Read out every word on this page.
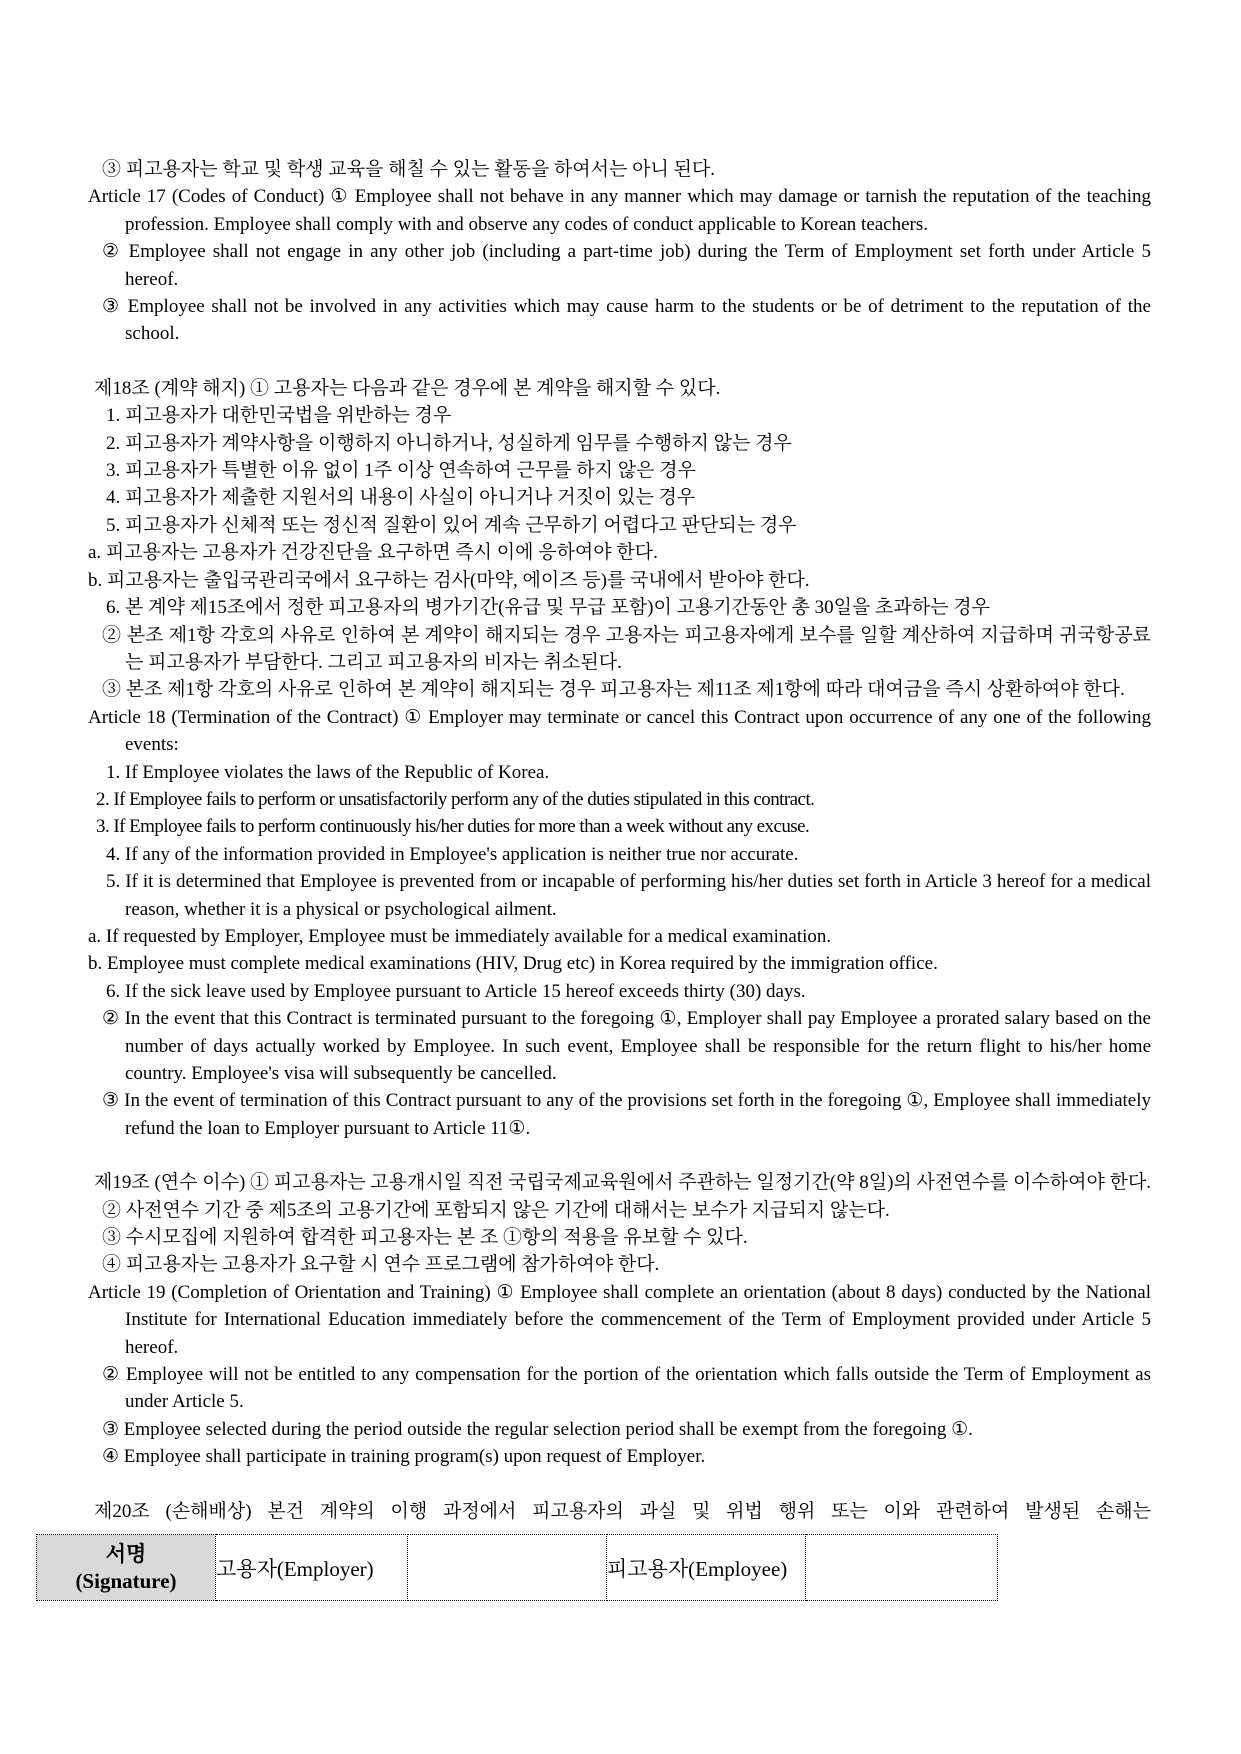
③ 피고용자는 학교 및 학생 교육을 해칠 수 있는 활동을 하여서는 아니 된다.

Article 17 (Codes of Conduct) ① Employee shall not behave in any manner which may damage or tarnish the reputation of the teaching profession. Employee shall comply with and observe any codes of conduct applicable to Korean teachers.

② Employee shall not engage in any other job (including a part-time job) during the Term of Employment set forth under Article 5 hereof.

③ Employee shall not be involved in any activities which may cause harm to the students or be of detriment to the reputation of the school.

제18조 (계약 해지) ① 고용자는 다음과 같은 경우에 본 계약을 해지할 수 있다.

1. 피고용자가 대한민국법을 위반하는 경우

2. 피고용자가 계약사항을 이행하지 아니하거나, 성실하게 임무를 수행하지 않는 경우

3. 피고용자가 특별한 이유 없이 1주 이상 연속하여 근무를 하지 않은 경우

4. 피고용자가 제출한 지원서의 내용이 사실이 아니거나 거짓이 있는 경우

5. 피고용자가 신체적 또는 정신적 질환이 있어 계속 근무하기 어렵다고 판단되는 경우

a. 피고용자는 고용자가 건강진단을 요구하면 즉시 이에 응하여야 한다.

b. 피고용자는 출입국관리국에서 요구하는 검사(마약, 에이즈 등)를 국내에서 받아야 한다.

6. 본 계약 제15조에서 정한 피고용자의 병가기간(유급 및 무급 포함)이 고용기간동안 총 30일을 초과하는 경우

② 본조 제1항 각호의 사유로 인하여 본 계약이 해지되는 경우 고용자는 피고용자에게 보수를 일할 계산하여 지급하며 귀국항공료는 피고용자가 부담한다. 그리고 피고용자의 비자는 취소된다.

③ 본조 제1항 각호의 사유로 인하여 본 계약이 해지되는 경우 피고용자는 제11조 제1항에 따라 대여금을 즉시 상환하여야 한다.

Article 18 (Termination of the Contract) ① Employer may terminate or cancel this Contract upon occurrence of any one of the following events:

1. If Employee violates the laws of the Republic of Korea.

2. If Employee fails to perform or unsatisfactorily perform any of the duties stipulated in this contract.

3. If Employee fails to perform continuously his/her duties for more than a week without any excuse.

4. If any of the information provided in Employee's application is neither true nor accurate.

5. If it is determined that Employee is prevented from or incapable of performing his/her duties set forth in Article 3 hereof for a medical reason, whether it is a physical or psychological ailment.

a. If requested by Employer, Employee must be immediately available for a medical examination.

b. Employee must complete medical examinations (HIV, Drug etc) in Korea required by the immigration office.

6. If the sick leave used by Employee pursuant to Article 15 hereof exceeds thirty (30) days.

② In the event that this Contract is terminated pursuant to the foregoing ①, Employer shall pay Employee a prorated salary based on the number of days actually worked by Employee. In such event, Employee shall be responsible for the return flight to his/her home country. Employee's visa will subsequently be cancelled.

③ In the event of termination of this Contract pursuant to any of the provisions set forth in the foregoing ①, Employee shall immediately refund the loan to Employer pursuant to Article 11①.

제19조 (연수 이수) ① 피고용자는 고용개시일 직전 국립국제교육원에서 주관하는 일정기간(약 8일)의 사전연수를 이수하여야 한다.

② 사전연수 기간 중 제5조의 고용기간에 포함되지 않은 기간에 대해서는 보수가 지급되지 않는다.

③ 수시모집에 지원하여 합격한 피고용자는 본 조 ①항의 적용을 유보할 수 있다.

④ 피고용자는 고용자가 요구할 시 연수 프로그램에 참가하여야 한다.

Article 19 (Completion of Orientation and Training) ① Employee shall complete an orientation (about 8 days) conducted by the National Institute for International Education immediately before the commencement of the Term of Employment provided under Article 5 hereof.

② Employee will not be entitled to any compensation for the portion of the orientation which falls outside the Term of Employment as under Article 5.

③ Employee selected during the period outside the regular selection period shall be exempt from the foregoing ①.

④ Employee shall participate in training program(s) upon request of Employer.

제20조 (손해배상) 본건 계약의 이행 과정에서 피고용자의 과실 및 위법 행위 또는 이와 관련하여 발생된 손해는

서명
(Signature)	고용자(Employer)		피고용자(Employee)	
